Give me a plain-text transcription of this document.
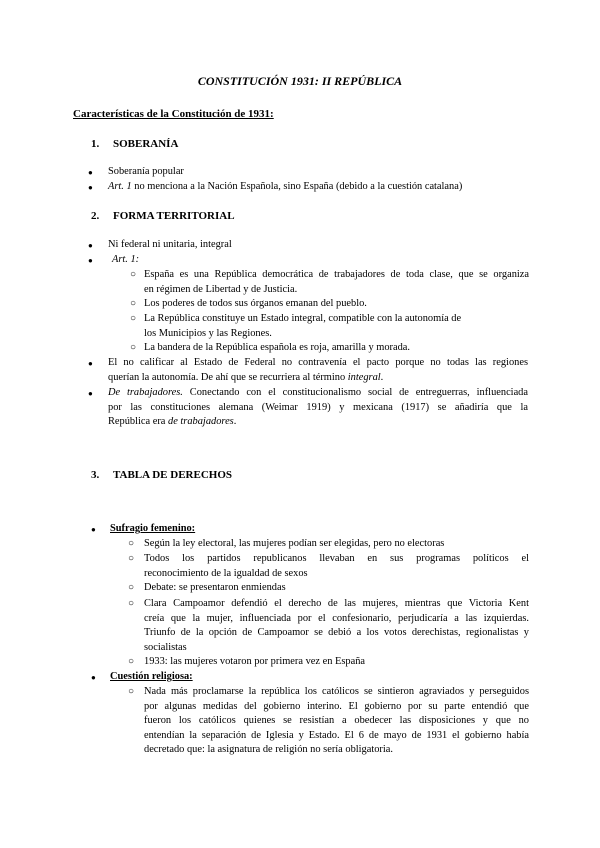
CONSTITUCIÓN 1931: II REPÚBLICA
Características de la Constitución de 1931:
1. SOBERANÍA
● Soberanía popular
● Art. 1 no menciona a la Nación Española, sino España (debido a la cuestión catalana)
2. FORMA TERRITORIAL
● Ni federal ni unitaria, integral
● Art. 1:
○ España es una República democrática de trabajadores de toda clase, que se organiza
en régimen de Libertad y de Justicia.
○ Los poderes de todos sus órganos emanan del pueblo.
○ La República constituye un Estado integral, compatible con la autonomía de
los Municipios y las Regiones.
○ La bandera de la República española es roja, amarilla y morada.
● El no calificar al Estado de Federal no contravenía el pacto porque no todas las regiones
querían la autonomía. De ahí que se recurriera al término integral.
● De trabajadores. Conectando con el constitucionalismo social de entreguerras, influenciada
por las constituciones alemana (Weimar 1919) y mexicana (1917) se añadiría que la
República era de trabajadores.
3. TABLA DE DERECHOS
● Sufragio femenino:
○ Según la ley electoral, las mujeres podían ser elegidas, pero no electoras
○ Todos los partidos republicanos llevaban en sus programas políticos el
reconocimiento de la igualdad de sexos
○ Debate: se presentaron enmiendas
○ Clara Campoamor defendió el derecho de las mujeres, mientras que Victoria Kent
creía que la mujer, influenciada por el confesionario, perjudicaría a las izquierdas.
Triunfo de la opción de Campoamor se debió a los votos derechistas, regionalistas y
socialistas
○ 1933: las mujeres votaron por primera vez en España
● Cuestión religiosa:
○ Nada más proclamarse la república los católicos se sintieron agraviados y perseguidos
por algunas medidas del gobierno interino. El gobierno por su parte entendió que
fueron los católicos quienes se resistían a obedecer las disposiciones y que no
entendían la separación de Iglesia y Estado. El 6 de mayo de 1931 el gobierno había
decretado que: la asignatura de religión no sería obligatoria.
